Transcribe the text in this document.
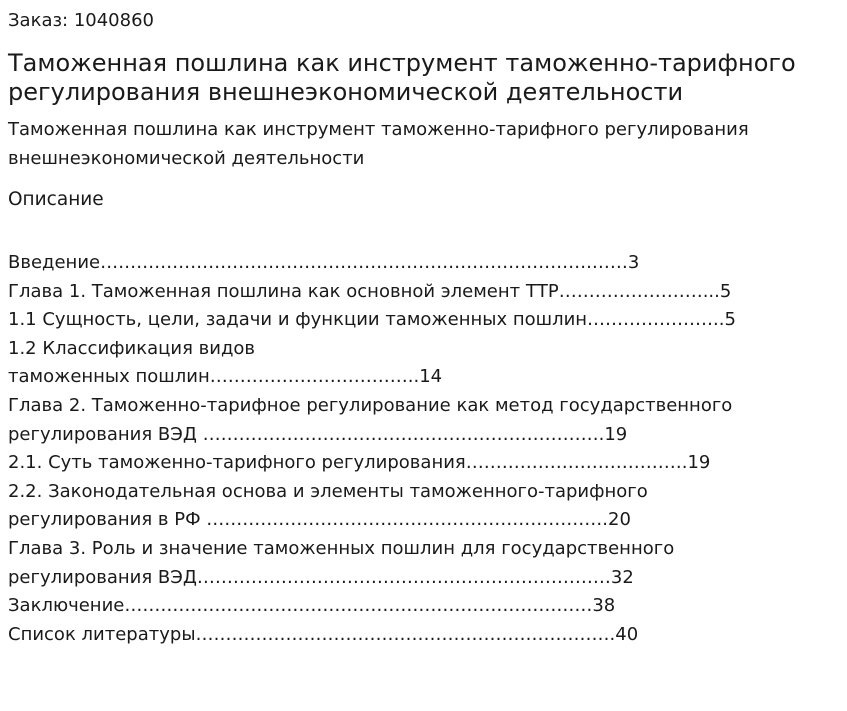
Заказ: 1040860
Таможенная пошлина как инструмент таможенно-тарифного регулирования внешнеэкономической деятельности

Таможенная пошлина как инструмент таможенно-тарифного регулирования внешнеэкономической деятельности

Описание
Введение……………………………………………………………………….……3
Глава 1. Таможенная пошлина как основной элемент ТТР……………………...5
1.1 Сущность, цели, задачи и функции таможенных пошлин…………………..5
1.2 Классификация видов
таможенных пошлин……………………………..14
Глава 2. Таможенно-тарифное регулирование как метод государственного
регулирования ВЭД ………………………………………………………….19
2.1. Суть таможенно-тарифного регулирования……………………………….19
2.2. Законодательная основа и элементы таможенного-тарифного
регулирования в РФ ………………………………………………………….20
Глава 3. Роль и значение таможенных пошлин для государственного
регулирования ВЭД……………………………………………………………32
Заключение……………………………………………………………………38
Список литературы…………………………………………………………….40
